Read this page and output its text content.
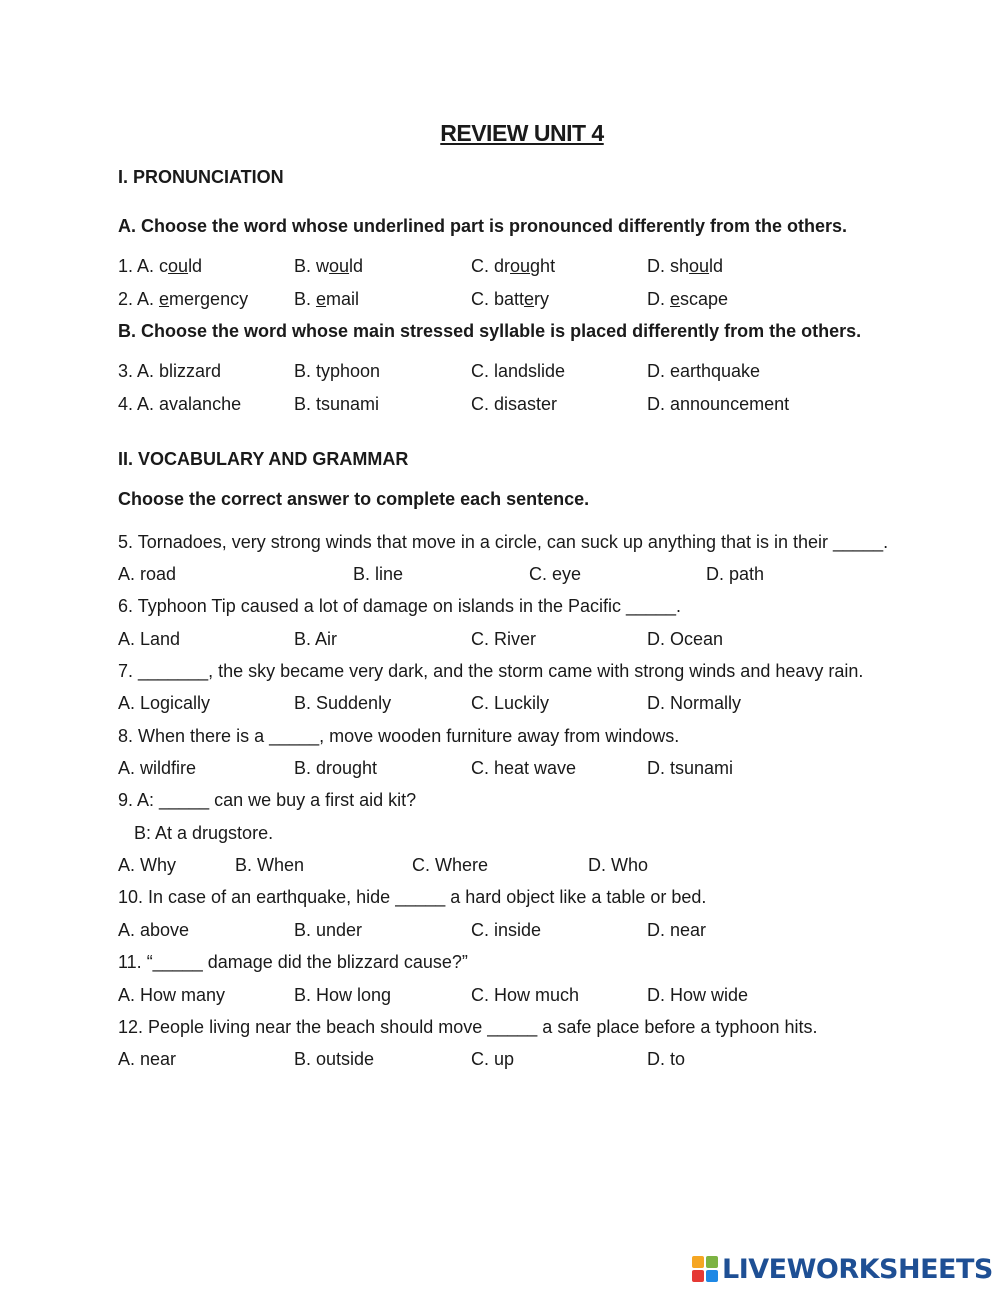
REVIEW UNIT 4
I. PRONUNCIATION
A. Choose the word whose underlined part is pronounced differently from the others.
1. A. could	B. would	C. drought	D. should
2. A. emergency	B. email	C. battery	D. escape
B. Choose the word whose main stressed syllable is placed differently from the others.
3. A. blizzard	B. typhoon	C. landslide	D. earthquake
4. A. avalanche	B. tsunami	C. disaster	D. announcement
II. VOCABULARY AND GRAMMAR
Choose the correct answer to complete each sentence.
5. Tornadoes, very strong winds that move in a circle, can suck up anything that is in their _____.
A. road	B. line	C. eye	D. path
6. Typhoon Tip caused a lot of damage on islands in the Pacific _____.
A. Land	B. Air	C. River	D. Ocean
7. _______, the sky became very dark, and the storm came with strong winds and heavy rain.
A. Logically	B. Suddenly	C. Luckily	D. Normally
8. When there is a _____, move wooden furniture away from windows.
A. wildfire	B. drought	C. heat wave	D. tsunami
9. A: _____ can we buy a first aid kit?
B: At a drugstore.
A. Why	B. When	C. Where	D. Who
10. In case of an earthquake, hide _____ a hard object like a table or bed.
A. above	B. under	C. inside	D. near
11. “_____ damage did the blizzard cause?”
A. How many	B. How long	C. How much	D. How wide
12. People living near the beach should move _____ a safe place before a typhoon hits.
A. near	B. outside	C. up	D. to
LIVEWORKSHEETS
